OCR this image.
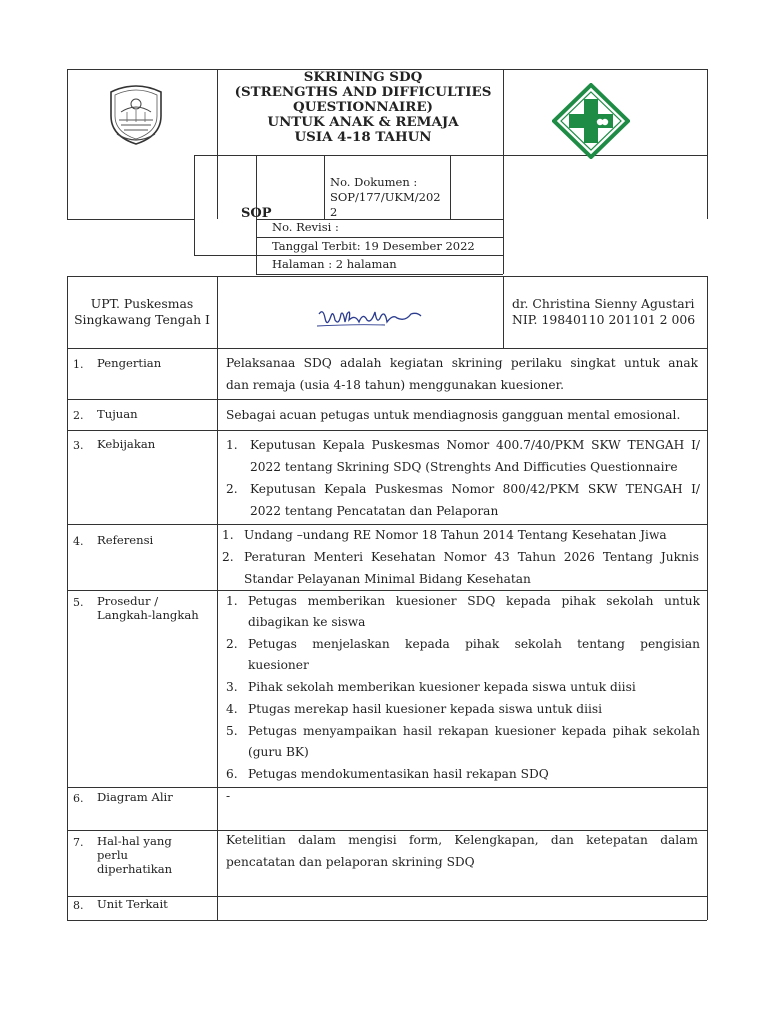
SKRINING SDQ
(STRENGTHS AND DIFFICULTIES
QUESTIONNAIRE)
UNTUK ANAK & REMAJA
USIA 4-18 TAHUN
SOP
No. Dokumen :
SOP/177/UKM/202
2
No. Revisi :
Tanggal Terbit: 19 Desember 2022
Halaman : 2 halaman
UPT. Puskesmas
Singkawang Tengah I
dr. Christina Sienny Agustari
NIP. 19840110 201101 2 006
1. Pengertian
2. Tujuan
3. Kebijakan
4. Referensi
5. Prosedur /
Langkah-langkah
6. Diagram Alir
7. Hal-hal yang
perlu
diperhatikan
8. Unit Terkait
Pelaksanaa SDQ adalah kegiatan skrining perilaku singkat untuk anak
dan remaja (usia 4-18 tahun) menggunakan kuesioner.
Sebagai acuan petugas untuk mendiagnosis gangguan mental emosional.
1. Keputusan Kepala Puskesmas Nomor 400.7/40/PKM SKW TENGAH I/
2022 tentang Skrining SDQ (Strenghts And Difficuties Questionnaire
2. Keputusan Kepala Puskesmas Nomor 800/42/PKM SKW TENGAH I/
2022 tentang Pencatatan dan Pelaporan
1. Undang –undang RE Nomor 18 Tahun 2014 Tentang Kesehatan Jiwa
2. Peraturan Menteri Kesehatan Nomor 43 Tahun 2026 Tentang Juknis
Standar Pelayanan Minimal Bidang Kesehatan
1. Petugas memberikan kuesioner SDQ kepada pihak sekolah untuk
dibagikan ke siswa
2. Petugas menjelaskan kepada pihak sekolah tentang pengisian
kuesioner
3. Pihak sekolah memberikan kuesioner kepada siswa untuk diisi
4. Ptugas merekap hasil kuesioner kepada siswa untuk diisi
5. Petugas menyampaikan hasil rekapan kuesioner kepada pihak sekolah
(guru BK)
6. Petugas mendokumentasikan hasil rekapan SDQ
-
Ketelitian dalam mengisi form, Kelengkapan, dan ketepatan dalam
pencatatan dan pelaporan skrining SDQ
